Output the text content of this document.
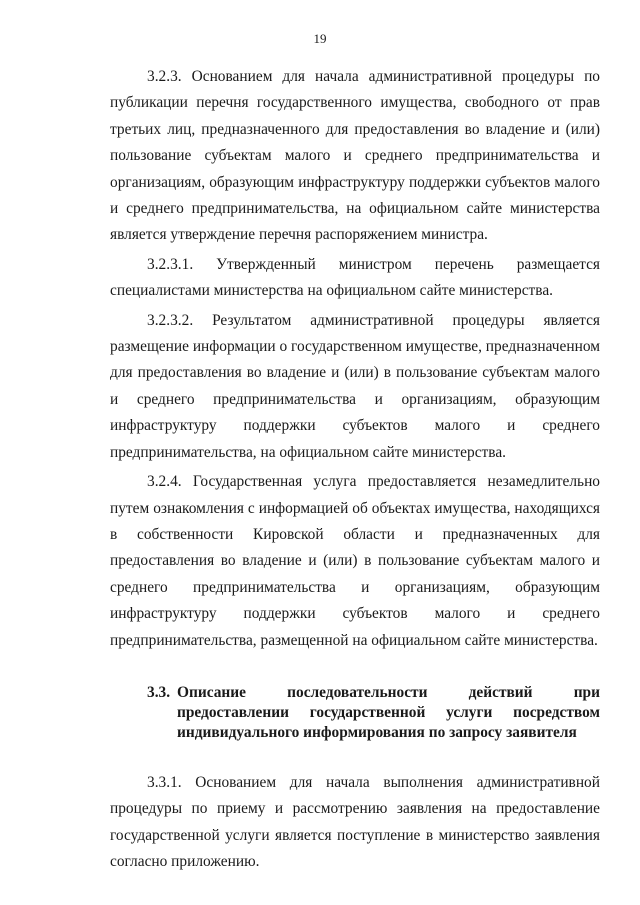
19

3.2.3. Основанием для начала административной процедуры по публикации перечня государственного имущества, свободного от прав третьих лиц, предназначенного для предоставления во владение и (или) пользование субъектам малого и среднего предпринимательства и организациям, образующим инфраструктуру поддержки субъектов малого и среднего предпринимательства, на официальном сайте министерства является утверждение перечня распоряжением министра.

3.2.3.1. Утвержденный министром перечень размещается специалистами министерства на официальном сайте министерства.

3.2.3.2. Результатом административной процедуры является размещение информации о государственном имуществе, предназначенном для предоставления во владение и (или) в пользование субъектам малого и среднего предпринимательства и организациям, образующим инфраструктуру поддержки субъектов малого и среднего предпринимательства, на официальном сайте министерства.

3.2.4. Государственная услуга предоставляется незамедлительно путем ознакомления с информацией об объектах имущества, находящихся в собственности Кировской области и предназначенных для предоставления во владение и (или) в пользование субъектам малого и среднего предпринимательства и организациям, образующим инфраструктуру поддержки субъектов малого и среднего предпринимательства, размещенной на официальном сайте министерства.

3.3. Описание последовательности действий при предоставлении государственной услуги посредством индивидуального информирования по запросу заявителя

3.3.1. Основанием для начала выполнения административной процедуры по приему и рассмотрению заявления на предоставление государственной услуги является поступление в министерство заявления согласно приложению.
